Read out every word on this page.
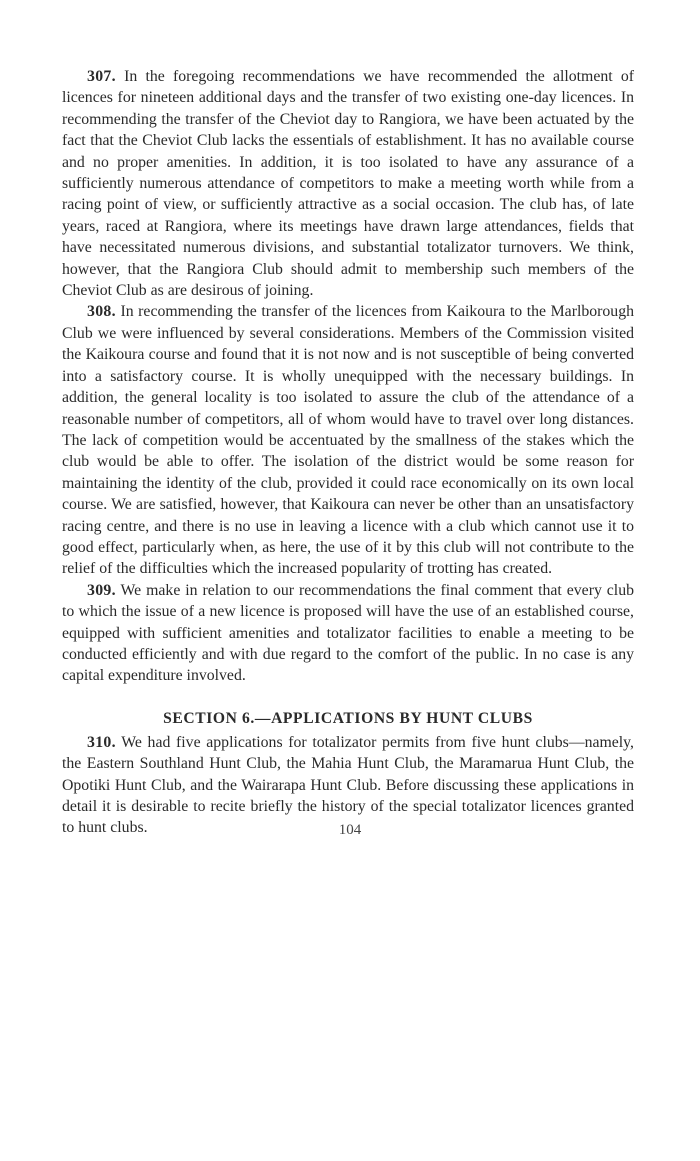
307. In the foregoing recommendations we have recommended the allotment of licences for nineteen additional days and the transfer of two existing one-day licences. In recommending the transfer of the Cheviot day to Rangiora, we have been actuated by the fact that the Cheviot Club lacks the essentials of establishment. It has no available course and no proper amenities. In addition, it is too isolated to have any assurance of a sufficiently numerous attendance of competitors to make a meeting worth while from a racing point of view, or sufficiently attractive as a social occasion. The club has, of late years, raced at Rangiora, where its meetings have drawn large attendances, fields that have necessitated numerous divisions, and substantial totalizator turnovers. We think, however, that the Rangiora Club should admit to membership such members of the Cheviot Club as are desirous of joining.

308. In recommending the transfer of the licences from Kaikoura to the Marlborough Club we were influenced by several considerations. Members of the Commission visited the Kaikoura course and found that it is not now and is not susceptible of being converted into a satisfactory course. It is wholly unequipped with the necessary buildings. In addition, the general locality is too isolated to assure the club of the attendance of a reasonable number of competitors, all of whom would have to travel over long distances. The lack of competition would be accentuated by the smallness of the stakes which the club would be able to offer. The isolation of the district would be some reason for maintaining the identity of the club, provided it could race economically on its own local course. We are satisfied, however, that Kaikoura can never be other than an unsatisfactory racing centre, and there is no use in leaving a licence with a club which cannot use it to good effect, particularly when, as here, the use of it by this club will not contribute to the relief of the difficulties which the increased popularity of trotting has created.

309. We make in relation to our recommendations the final comment that every club to which the issue of a new licence is proposed will have the use of an established course, equipped with sufficient amenities and totalizator facilities to enable a meeting to be conducted efficiently and with due regard to the comfort of the public. In no case is any capital expenditure involved.

SECTION 6.—APPLICATIONS BY HUNT CLUBS

310. We had five applications for totalizator permits from five hunt clubs—namely, the Eastern Southland Hunt Club, the Mahia Hunt Club, the Maramarua Hunt Club, the Opotiki Hunt Club, and the Wairarapa Hunt Club. Before discussing these applications in detail it is desirable to recite briefly the history of the special totalizator licences granted to hunt clubs.	104
